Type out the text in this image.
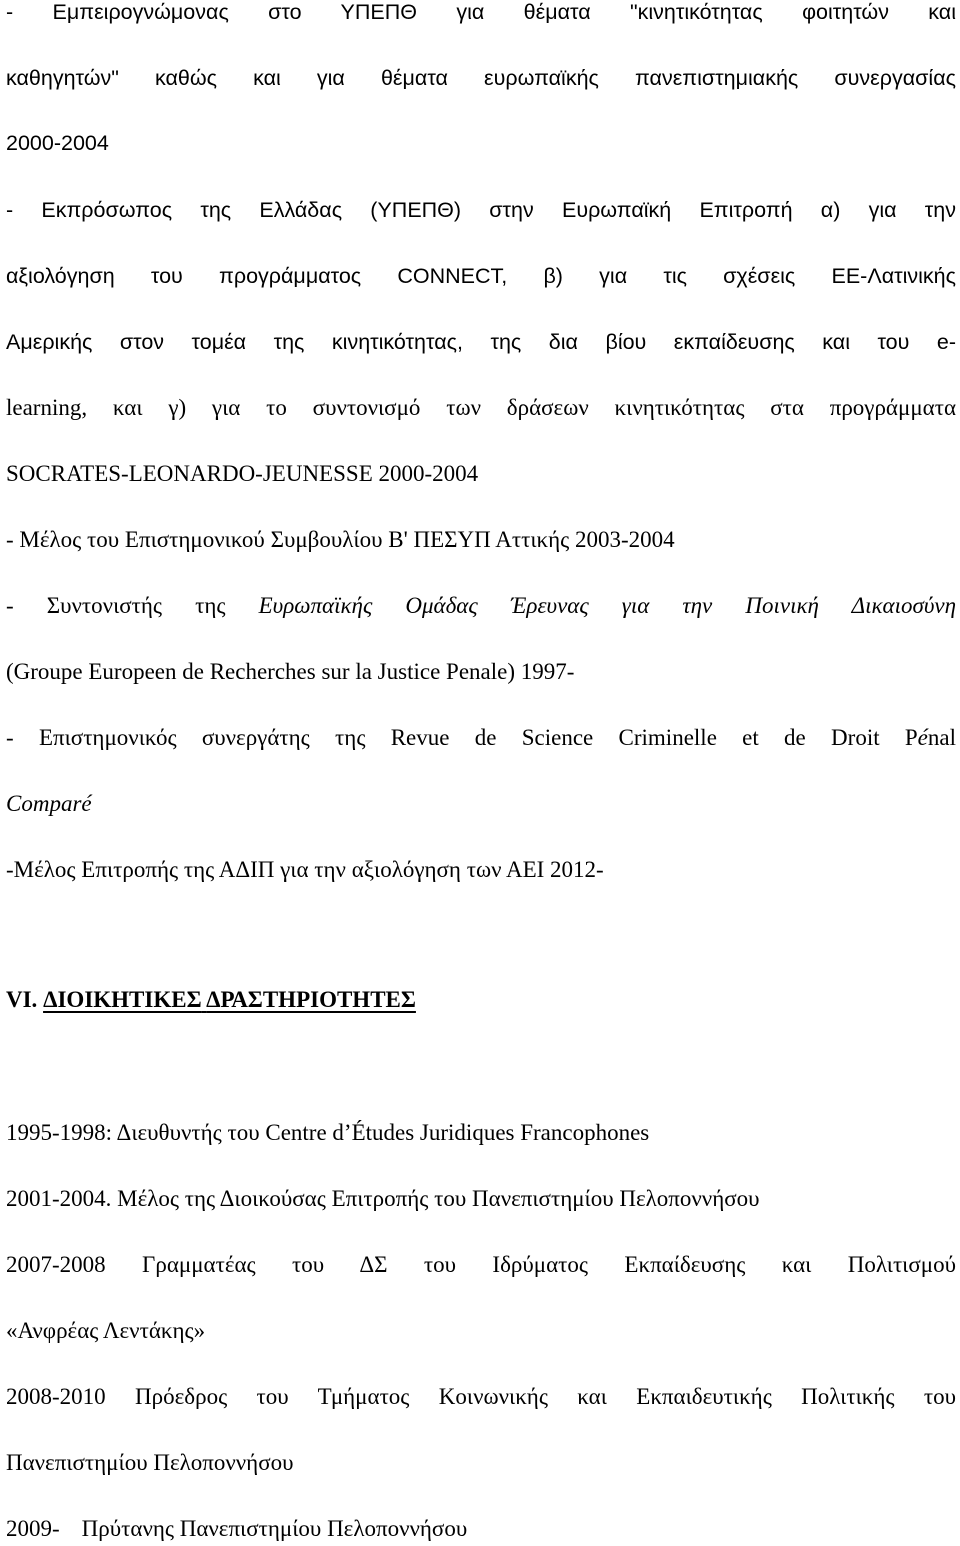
- Εμπειρογνώμονας στο ΥΠΕΠΘ για θέματα "κινητικότητας φοιτητών και
καθηγητών" καθώς και για θέματα ευρωπαϊκής πανεπιστημιακής συνεργασίας
2000-2004
- Εκπρόσωπος της Ελλάδας (ΥΠΕΠΘ) στην Ευρωπαϊκή Επιτροπή α) για την
αξιολόγηση του προγράμματος CONNECT, β) για τις σχέσεις ΕΕ-Λατινικής
Αμερικής στον τομέα της κινητικότητας, της δια βίου εκπαίδευσης και του e-
learning, και γ) για το συντονισμό των δράσεων κινητικότητας στα προγράμματα
SOCRATES-LEONARDO-JEUNESSE 2000-2004
- Μέλος του Επιστημονικού Συμβουλίου Β' ΠΕΣΥΠ Αττικής 2003-2004
- Συντονιστής της Ευρωπαϊκής Ομάδας Έρευνας για την Ποινική Δικαιοσύνη
(Groupe Europeen de Recherches sur la Justice Penale) 1997-
- Επιστημονικός συνεργάτης της Revue de Science Criminelle et de Droit Pénal
Comparé
-Μέλος Επιτροπής της ΑΔΙΠ για την αξιολόγηση των ΑΕΙ 2012-
VI. ΔΙΟΙΚΗΤΙΚΕΣ ΔΡΑΣΤΗΡΙΟΤΗΤΕΣ
1995-1998: Διευθυντής του Centre d’Études Juridiques Francophones
2001-2004. Μέλος της Διοικούσας Επιτροπής του Πανεπιστημίου Πελοποννήσου
2007-2008 Γραμματέας του ΔΣ του Ιδρύματος Εκπαίδευσης και Πολιτισμού
«Ανφρέας Λεντάκης»
2008-2010 Πρόεδρος του Τμήματος Κοινωνικής και Εκπαιδευτικής Πολιτικής του
Πανεπιστημίου Πελοποννήσου
2009- Πρύτανης Πανεπιστημίου Πελοποννήσου
